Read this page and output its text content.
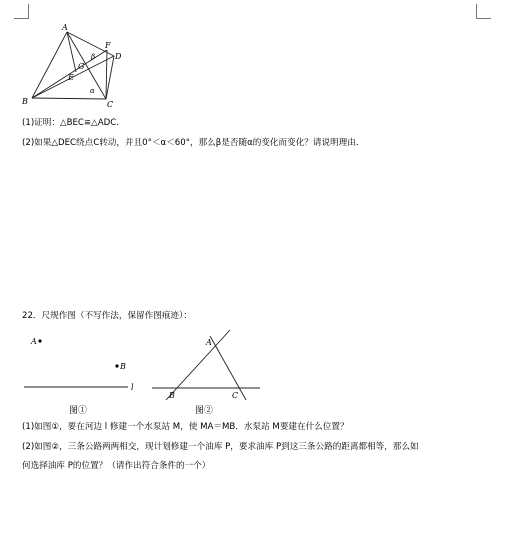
A
B	C
D
E
F
G
α
β
(1)证明：△BEC≌△ADC．
(2)如果△DEC绕点C转动，并且0°＜α＜60°，那么β是否随α的变化而变化？请说明理由．
22．尺规作图（不写作法，保留作图痕迹）：
A
B
l
图①
A
B	C
图②
(1)如图①，要在河边 l 修建一个水泵站 M，使 MA＝MB．水泵站 M要建在什么位置？
(2)如图②，三条公路两两相交，现计划修建一个油库 P，要求油库 P到这三条公路的距离都相等，那么如
何选择油库 P的位置？（请作出符合条件的一个）
